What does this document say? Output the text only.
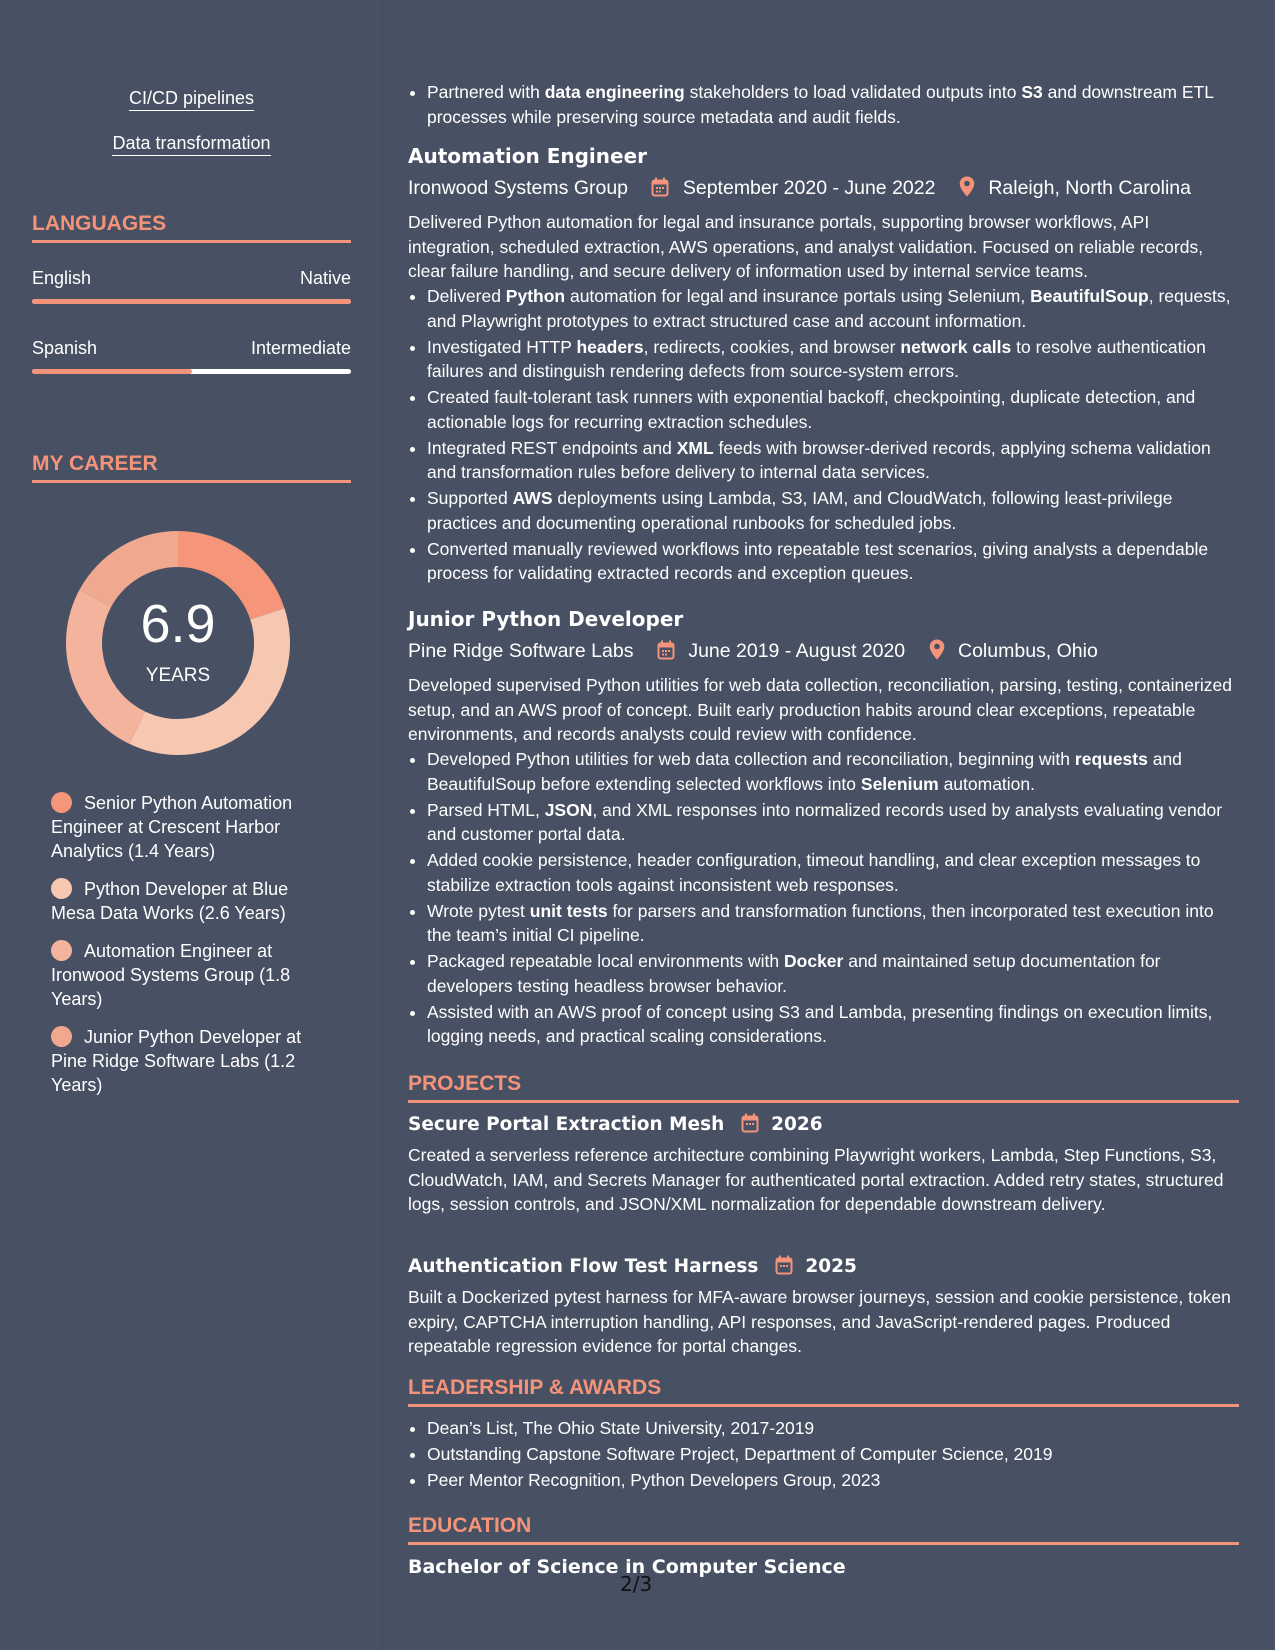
CI/CD pipelines
Data transformation
LANGUAGES
English	Native
Spanish	Intermediate
MY CAREER
6.9
YEARS
Senior Python Automation Engineer at Crescent Harbor Analytics (1.4 Years)
Python Developer at Blue Mesa Data Works (2.6 Years)
Automation Engineer at Ironwood Systems Group (1.8 Years)
Junior Python Developer at Pine Ridge Software Labs (1.2 Years)
• Partnered with data engineering stakeholders to load validated outputs into S3 and downstream ETL processes while preserving source metadata and audit fields.
Automation Engineer
Ironwood Systems Group	September 2020 - June 2022	Raleigh, North Carolina
Delivered Python automation for legal and insurance portals, supporting browser workflows, API integration, scheduled extraction, AWS operations, and analyst validation. Focused on reliable records, clear failure handling, and secure delivery of information used by internal service teams.
• Delivered Python automation for legal and insurance portals using Selenium, BeautifulSoup, requests, and Playwright prototypes to extract structured case and account information.
• Investigated HTTP headers, redirects, cookies, and browser network calls to resolve authentication failures and distinguish rendering defects from source-system errors.
• Created fault-tolerant task runners with exponential backoff, checkpointing, duplicate detection, and actionable logs for recurring extraction schedules.
• Integrated REST endpoints and XML feeds with browser-derived records, applying schema validation and transformation rules before delivery to internal data services.
• Supported AWS deployments using Lambda, S3, IAM, and CloudWatch, following least-privilege practices and documenting operational runbooks for scheduled jobs.
• Converted manually reviewed workflows into repeatable test scenarios, giving analysts a dependable process for validating extracted records and exception queues.
Junior Python Developer
Pine Ridge Software Labs	June 2019 - August 2020	Columbus, Ohio
Developed supervised Python utilities for web data collection, reconciliation, parsing, testing, containerized setup, and an AWS proof of concept. Built early production habits around clear exceptions, repeatable environments, and records analysts could review with confidence.
• Developed Python utilities for web data collection and reconciliation, beginning with requests and BeautifulSoup before extending selected workflows into Selenium automation.
• Parsed HTML, JSON, and XML responses into normalized records used by analysts evaluating vendor and customer portal data.
• Added cookie persistence, header configuration, timeout handling, and clear exception messages to stabilize extraction tools against inconsistent web responses.
• Wrote pytest unit tests for parsers and transformation functions, then incorporated test execution into the team’s initial CI pipeline.
• Packaged repeatable local environments with Docker and maintained setup documentation for developers testing headless browser behavior.
• Assisted with an AWS proof of concept using S3 and Lambda, presenting findings on execution limits, logging needs, and practical scaling considerations.
PROJECTS
Secure Portal Extraction Mesh	2026
Created a serverless reference architecture combining Playwright workers, Lambda, Step Functions, S3, CloudWatch, IAM, and Secrets Manager for authenticated portal extraction. Added retry states, structured logs, session controls, and JSON/XML normalization for dependable downstream delivery.
Authentication Flow Test Harness	2025
Built a Dockerized pytest harness for MFA-aware browser journeys, session and cookie persistence, token expiry, CAPTCHA interruption handling, API responses, and JavaScript-rendered pages. Produced repeatable regression evidence for portal changes.
LEADERSHIP & AWARDS
• Dean’s List, The Ohio State University, 2017-2019
• Outstanding Capstone Software Project, Department of Computer Science, 2019
• Peer Mentor Recognition, Python Developers Group, 2023
EDUCATION
Bachelor of Science in Computer Science
2/3
